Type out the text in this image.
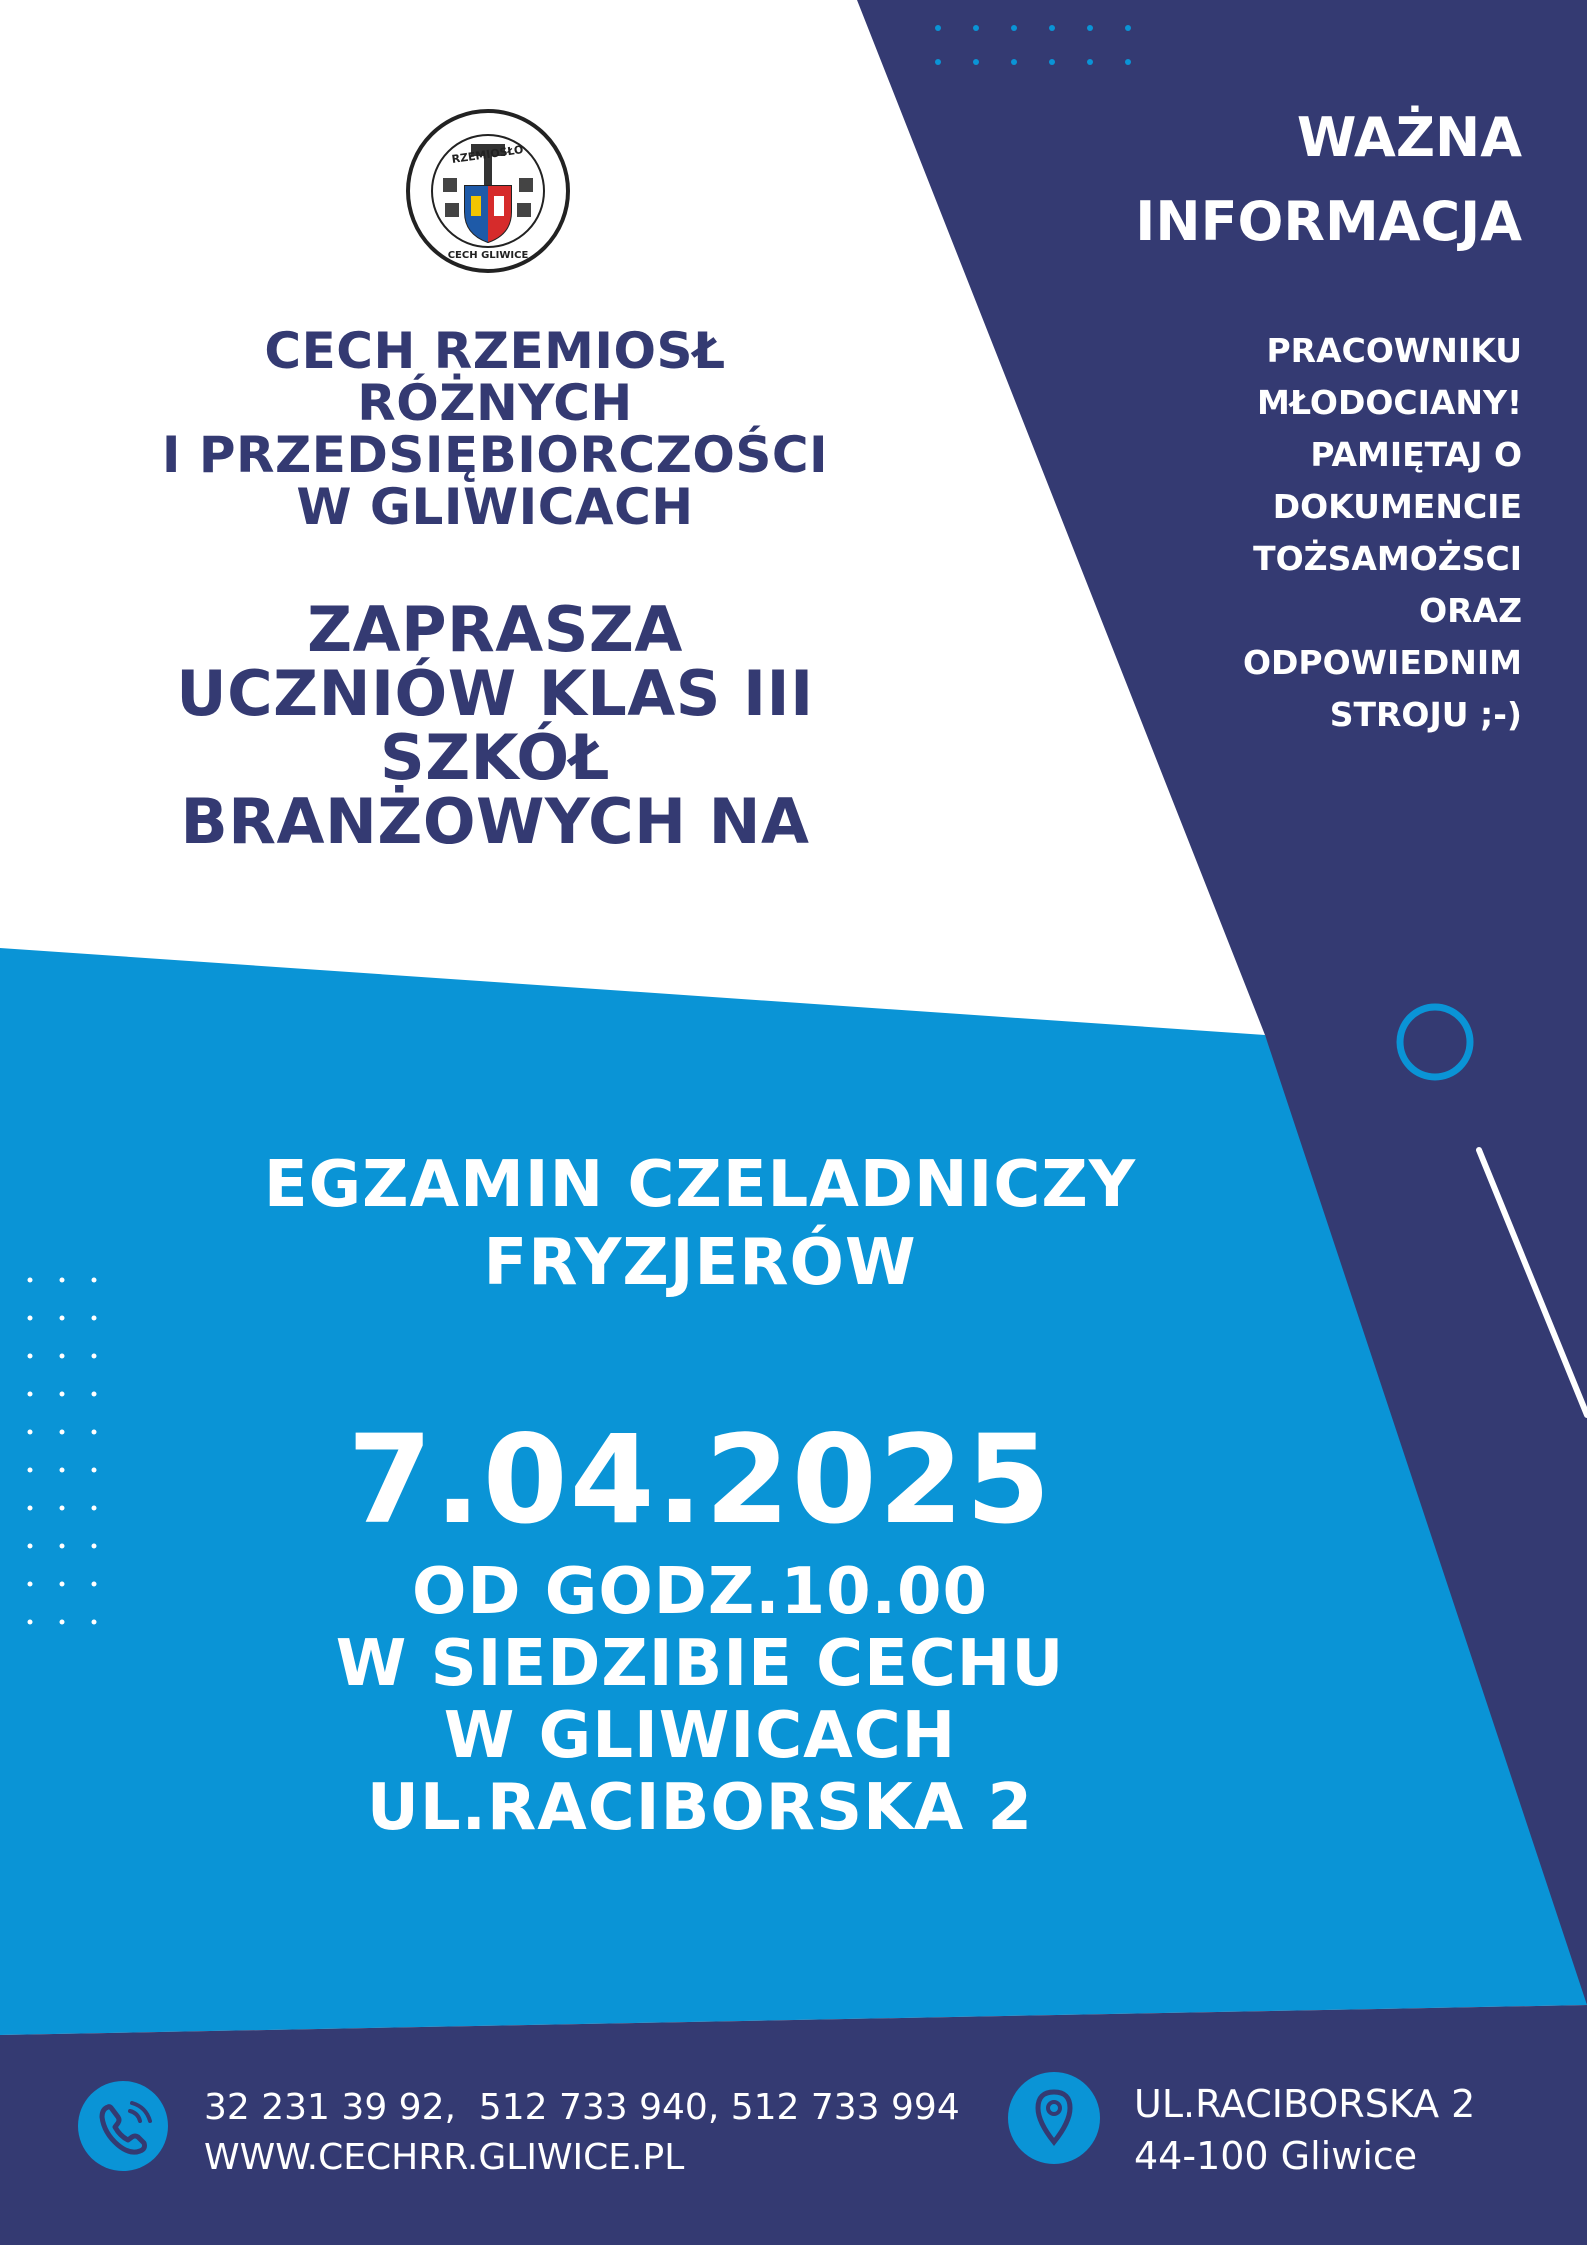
RZEMIOSŁO
CECH GLIWICE
CECH RZEMIOSŁ
RÓŻNYCH
I PRZEDSIĘBIORCZOŚCI
W GLIWICACH
ZAPRASZA
UCZNIÓW KLAS III
SZKÓŁ
BRANŻOWYCH NA
WAŻNA
INFORMACJA
PRACOWNIKU
MŁODOCIANY!
PAMIĘTAJ O
DOKUMENCIE
TOŻSAMOŻSCI
ORAZ
ODPOWIEDNIM
STROJU ;-)
EGZAMIN CZELADNICZY
FRYZJERÓW
7.04.2025
OD GODZ.10.00
W SIEDZIBIE CECHU
W GLIWICACH
UL.RACIBORSKA 2
32 231 39 92,  512 733 940, 512 733 994
WWW.CECHRR.GLIWICE.PL
UL.RACIBORSKA 2
44-100 Gliwice
